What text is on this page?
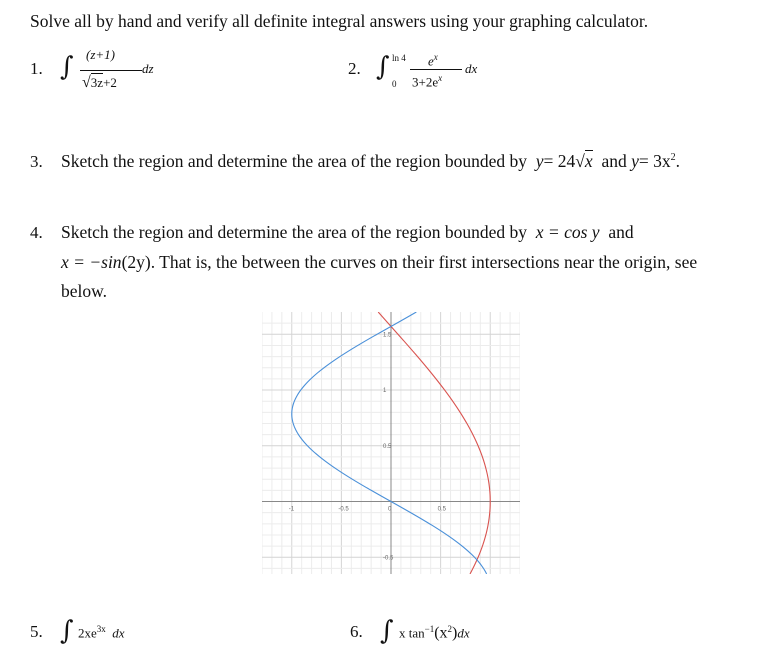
Solve all by hand and verify all definite integral answers using your graphing calculator.
1. ∫ (z+1)
√3z+2
dz	2. ∫ ln 4
0
$e^x$
$3+2e^x$
dx
3. Sketch the region and determine the area of the region bounded by y= 24√x and $y= 3x^2$.
4. Sketch the region and determine the area of the region bounded by x = cos y and
x = −sin(2y). That is, the between the curves on their first intersections near the origin, see
below.
-1	-0.5	0	0.5
1.5
1
0.5
-0.5
5. ∫ $2xe^{3x}$ dx	6. ∫ x $\tan^{-1}(x^2)dx$
